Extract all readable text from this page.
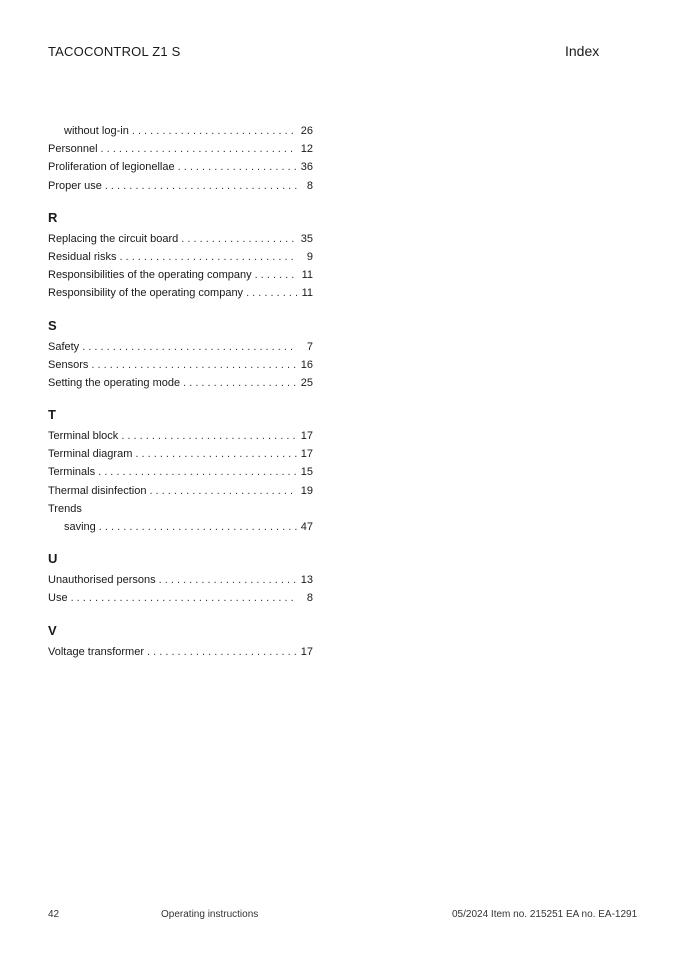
TACOCONTROL Z1 S	Index
without log-in . . .	26
Personnel . . .	12
Proliferation of legionellae . . .	36
Proper use . . .	8
R
Replacing the circuit board . . .	35
Residual risks . . .	9
Responsibilities of the operating company . . .	11
Responsibility of the operating company . . .	11
S
Safety . . .	7
Sensors . . .	16
Setting the operating mode . . .	25
T
Terminal block . . .	17
Terminal diagram . . .	17
Terminals . . .	15
Thermal disinfection . . .	19
Trends
saving . . .	47
U
Unauthorised persons . . .	13
Use . . .	8
V
Voltage transformer . . .	17
42	Operating instructions	05/2024 Item no. 215251 EA no. EA-1291
